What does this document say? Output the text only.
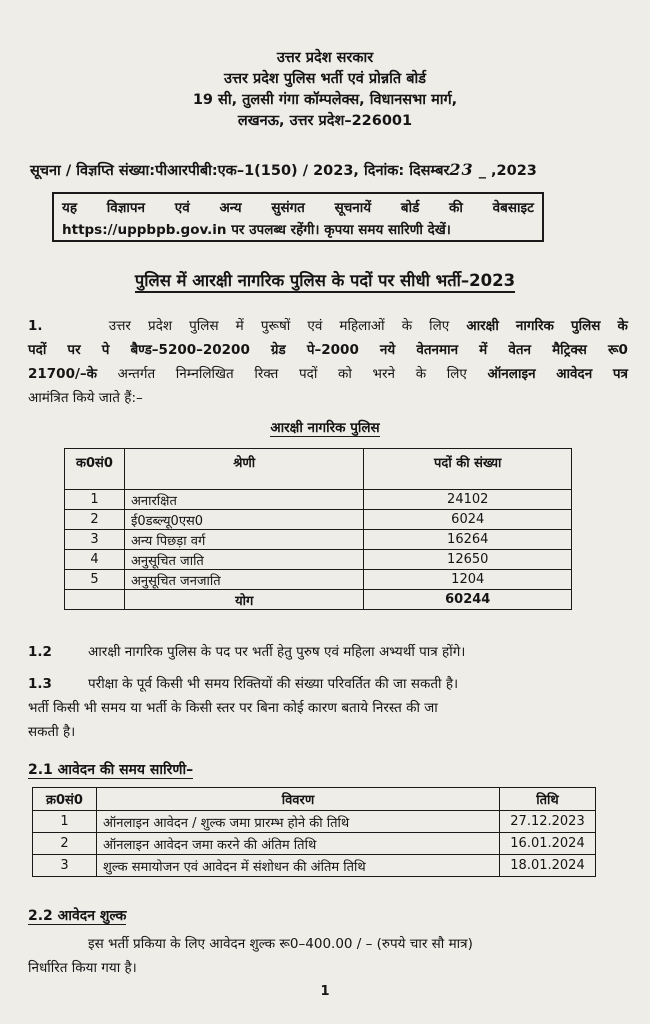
उत्तर प्रदेश सरकार
उत्तर प्रदेश पुलिस भर्ती एवं प्रोन्नति बोर्ड
19 सी, तुलसी गंगा कॉम्पलेक्स, विधानसभा मार्ग,
लखनऊ, उत्तर प्रदेश–226001
सूचना / विज्ञप्ति संख्या:पीआरपीबी:एक–1(150) / 2023, दिनांक: दिसम्बर23 _ ,2023
यह विज्ञापन एवं अन्य सुसंगत सूचनायें बोर्ड की वेबसाइट
https://uppbpb.gov.in पर उपलब्ध रहेंगी। कृपया समय सारिणी देखें।
पुलिस में आरक्षी नागरिक पुलिस के पदों पर सीधी भर्ती–2023
1.	उत्तर प्रदेश पुलिस में पुरूषों एवं महिलाओं के लिए आरक्षी नागरिक पुलिस के
पदों पर पे बैण्ड–5200–20200 ग्रेड पे–2000 नये वेतनमान में वेतन मैट्रिक्स रू0
21700/–के अन्तर्गत निम्नलिखित रिक्त पदों को भरने के लिए ऑनलाइन आवेदन पत्र
आमंत्रित किये जाते हैं:–
आरक्षी नागरिक पुलिस
क0सं0	श्रेणी	पदों की संख्या
1	अनारक्षित	24102
2	ई0डब्ल्यू0एस0	6024
3	अन्य पिछड़ा वर्ग	16264
4	अनुसूचित जाति	12650
5	अनुसूचित जनजाति	1204
	योग	60244
1.2	आरक्षी नागरिक पुलिस के पद पर भर्ती हेतु पुरुष एवं महिला अभ्यर्थी पात्र होंगे।
1.3	परीक्षा के पूर्व किसी भी समय रिक्तियों की संख्या परिवर्तित की जा सकती है।
भर्ती किसी भी समय या भर्ती के किसी स्तर पर बिना कोई कारण बताये निरस्त की जा
सकती है।
2.1 आवेदन की समय सारिणी–
क्र0सं0	विवरण	तिथि
1	ऑनलाइन आवेदन / शुल्क जमा प्रारम्भ होने की तिथि	27.12.2023
2	ऑनलाइन आवेदन जमा करने की अंतिम तिथि	16.01.2024
3	शुल्क समायोजन एवं आवेदन में संशोधन की अंतिम तिथि	18.01.2024
2.2 आवेदन शुल्क
इस भर्ती प्रकिया के लिए आवेदन शुल्क रू0–400.00 / – (रुपये चार सौ मात्र)
निर्धारित किया गया है।
1
